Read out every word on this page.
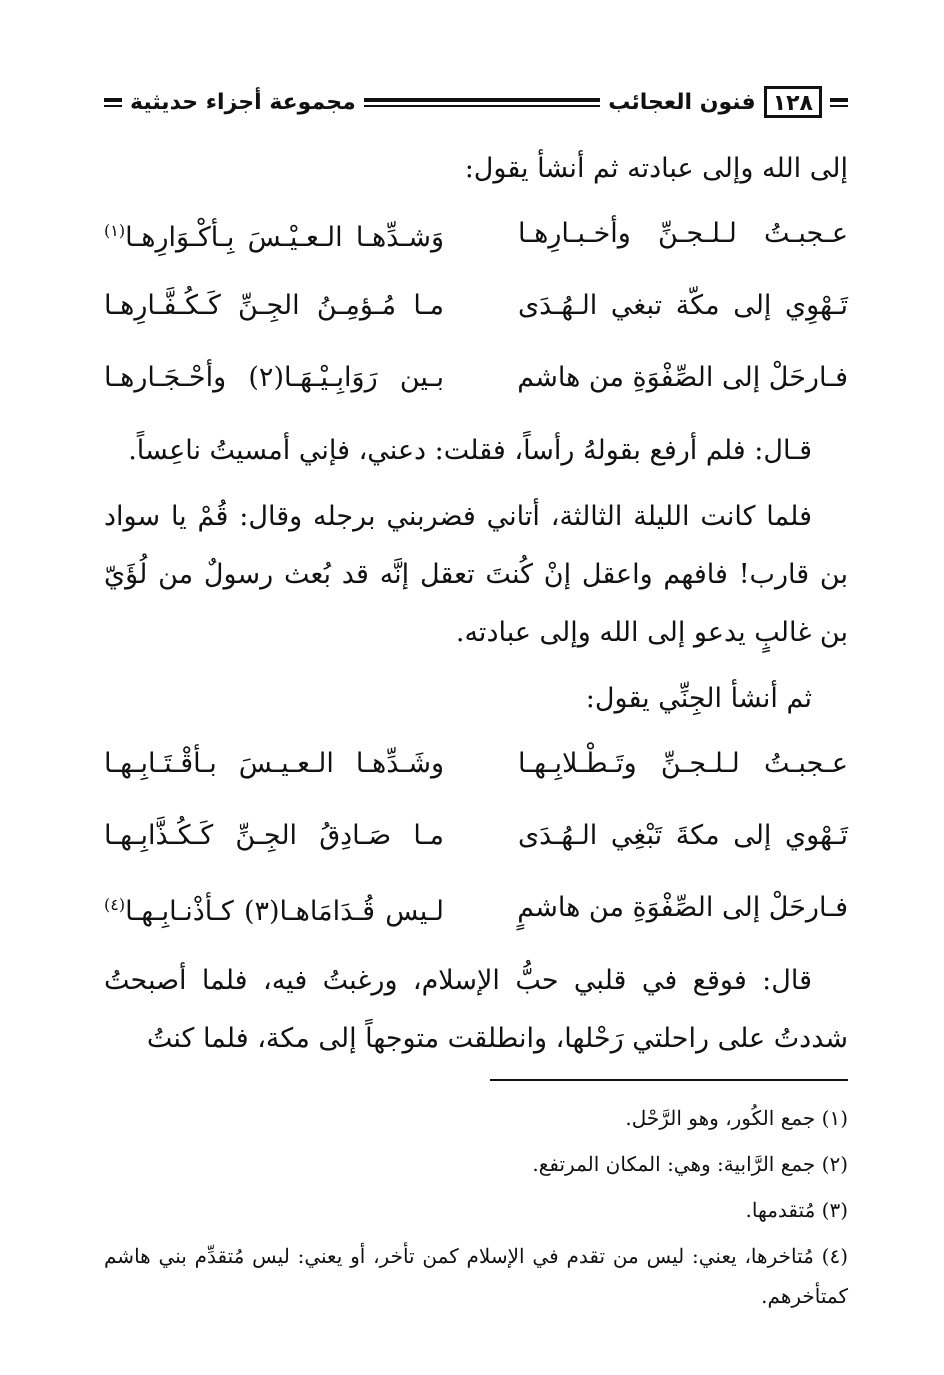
١٢٨
فنون العجائب
مجموعة أجزاء حديثية

إلى الله وإلى عبادته ثم أنشأ يقول:

عـجبـتُ لـلـجـنِّ وأخـبـارِهـا
وَشـدِّهـا الـعـيْـسَ بِـأكْـوَارِهـا$^{(١)}$
تَـهْوِي إلى مكّة تبغي الـهُـدَى
مـا مُـؤمِـنُ الجِـنِّ كَـكُـفَّـارِهـا
فـارحَلْ إلى الصِّفْوَةِ من هاشم
بـين رَوَابِـيْـهَـا(٢) وأحْـجَـارهـا

قـال: فلم أرفع بقولهُ رأساً، فقلت: دعني، فإني أمسيتُ ناعِساً.

فلما كانت الليلة الثالثة، أتاني فضربني برجله وقال: قُمْ يا سواد بن قارب! فافهم واعقل إنْ كُنتَ تعقل إنَّه قد بُعث رسولٌ من لُؤَيّ بن غالبٍ يدعو إلى الله وإلى عبادته.

ثم أنشأ الجِنِّي يقول:

عـجبـتُ لـلـجـنِّ وتَـطْـلابِـهـا
وشَـدِّهـا الـعـيـسَ بـأقْـتَـابِـهـا
تَـهْوي إلى مكةَ تَبْغِي الـهُـدَى
مـا صَـادِقُ الجِـنِّ كَـكُـذَّابِـهـا
فـارحَلْ إلى الصِّفْوَةِ من هاشمٍ
لـيس قُـدَامَاهـا(٣) كـأذْنـابِـهـا$^{(٤)}$

قال: فوقع في قلبي حبُّ الإسلام، ورغبتُ فيه، فلما أصبحتُ شددتُ على راحلتي رَحْلها، وانطلقت متوجهاً إلى مكة، فلما كنتُ

(١) جمع الكُور، وهو الرَّحْل.

(٢) جمع الرَّابية: وهي: المكان المرتفع.

(٣) مُتقدمها.

(٤) مُتاخرها، يعني: ليس من تقدم في الإسلام كمن تأخر، أو يعني: ليس مُتقدِّم بني هاشم كمتأخرهم.
